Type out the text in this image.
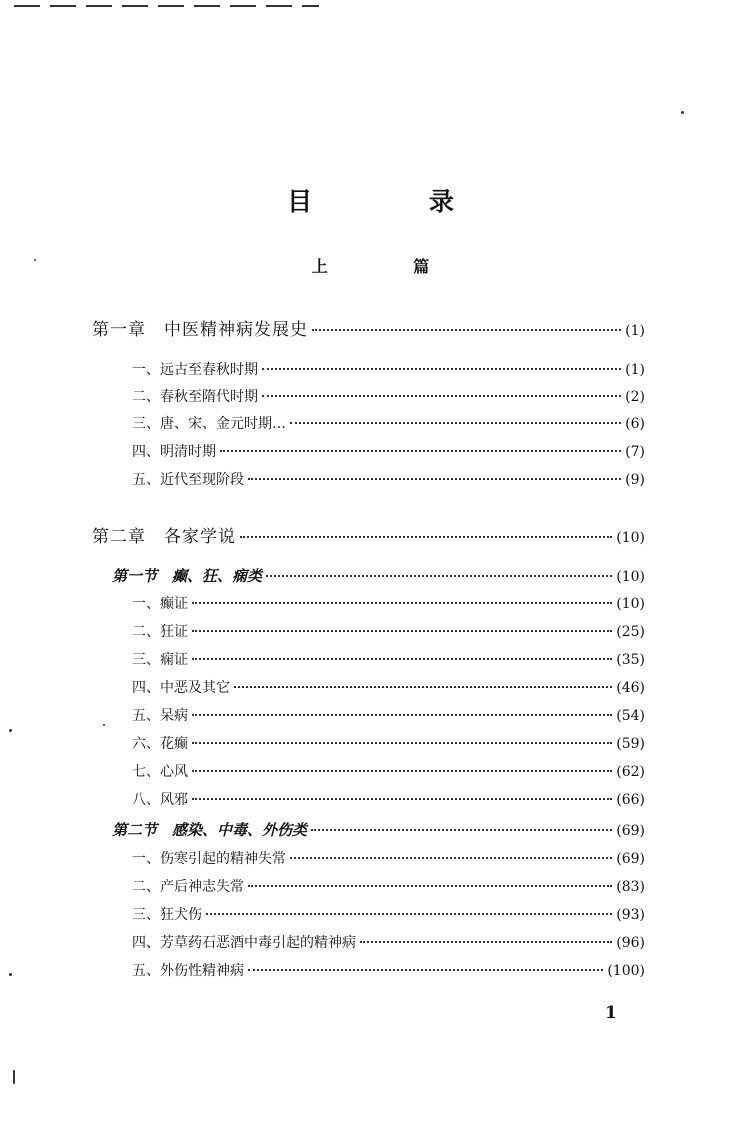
目 录
上 篇
第一章　中医精神病发展史	(1)
一、远古至春秋时期	(1)
二、春秋至隋代时期	(2)
三、唐、宋、金元时期…	(6)
四、明清时期	(7)
五、近代至现阶段	(9)
第二章　各家学说	(10)
第一节　癫、狂、痫类	(10)
一、癫证	(10)
二、狂证	(25)
三、痫证	(35)
四、中恶及其它	(46)
五、呆病	(54)
六、花癫	(59)
七、心风	(62)
八、风邪	(66)
第二节　感染、中毒、外伤类	(69)
一、伤寒引起的精神失常	(69)
二、产后神志失常	(83)
三、狂犬伤	(93)
四、芳草药石恶酒中毒引起的精神病	(96)
五、外伤性精神病	(100)
1
